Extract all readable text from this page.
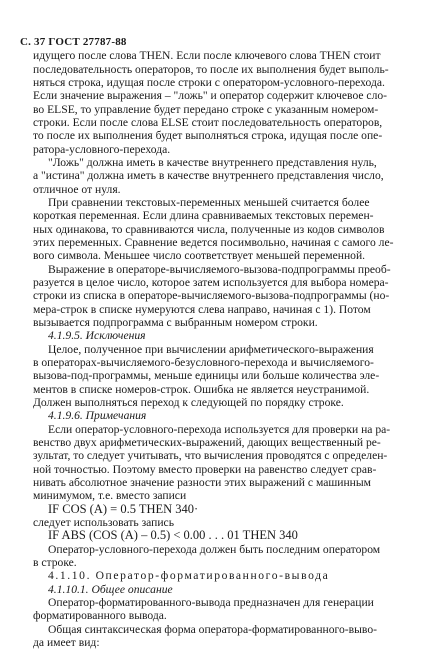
С. 37 ГОСТ 27787-88
идущего после слова THEN. Если после ключевого слова THEN стоит
последовательность операторов, то после их выполнения будет выполь-
няться строка, идущая после строки с оператором-условного-перехода.
Если значение выражения – "ложь" и оператор содержит ключевое сло-
во ELSE, то управление будет передано строке с указанным номером-
строки. Если после слова ELSE стоит последовательность операторов,
то после их выполнения будет выполняться строка, идущая после опе-
ратора-условного-перехода.
"Ложь" должна иметь в качестве внутреннего представления нуль,
а "истина" должна иметь в качестве внутреннего представления число,
отличное от нуля.
При сравнении текстовых-переменных меньшей считается более
короткая переменная. Если длина сравниваемых текстовых перемен-
ных одинакова, то сравниваются числа, полученные из кодов символов
этих переменных. Сравнение ведется посимвольно, начиная с самого ле-
вого символа. Меньшее число соответствует меньшей переменной.
Выражение в операторе-вычисляемого-вызова-подпрограммы преоб-
разуется в целое число, которое затем используется для выбора номера-
строки из списка в операторе-вычисляемого-вызова-подпрограммы (но-
мера-строк в списке нумеруются слева направо, начиная с 1). Потом
вызывается подпрограмма с выбранным номером строки.
4.1.9.5. Исключения
Целое, полученное при вычислении арифметического-выражения
в операторах-вычисляемого-безусловного-перехода и вычисляемого-
вызова-под-программы, меньше единицы или больше количества эле-
ментов в списке номеров-строк. Ошибка не является неустранимой.
Должен выполняться переход к следующей по порядку строке.
4.1.9.6. Примечания
Если оператор-условного-перехода используется для проверки на ра-
венство двух арифметических-выражений, дающих вещественный ре-
зультат, то следует учитывать, что вычисления проводятся с определен-
ной точностью. Поэтому вместо проверки на равенство следует срав-
нивать абсолютное значение разности этих выражений с машинным
минимумом, т.е. вместо записи
IF COS (A) = 0.5 THEN 340·
следует использовать запись
IF ABS (COS (A) – 0.5) < 0.00 . . . 01 THEN 340
Оператор-условного-перехода должен быть последним оператором
в строке.
4.1.10. Оператор-форматированного-вывода
4.1.10.1. Общее описание
Оператор-форматированного-вывода предназначен для генерации
форматированного вывода.
Общая синтаксическая форма оператора-форматированного-выво-
да имеет вид:
